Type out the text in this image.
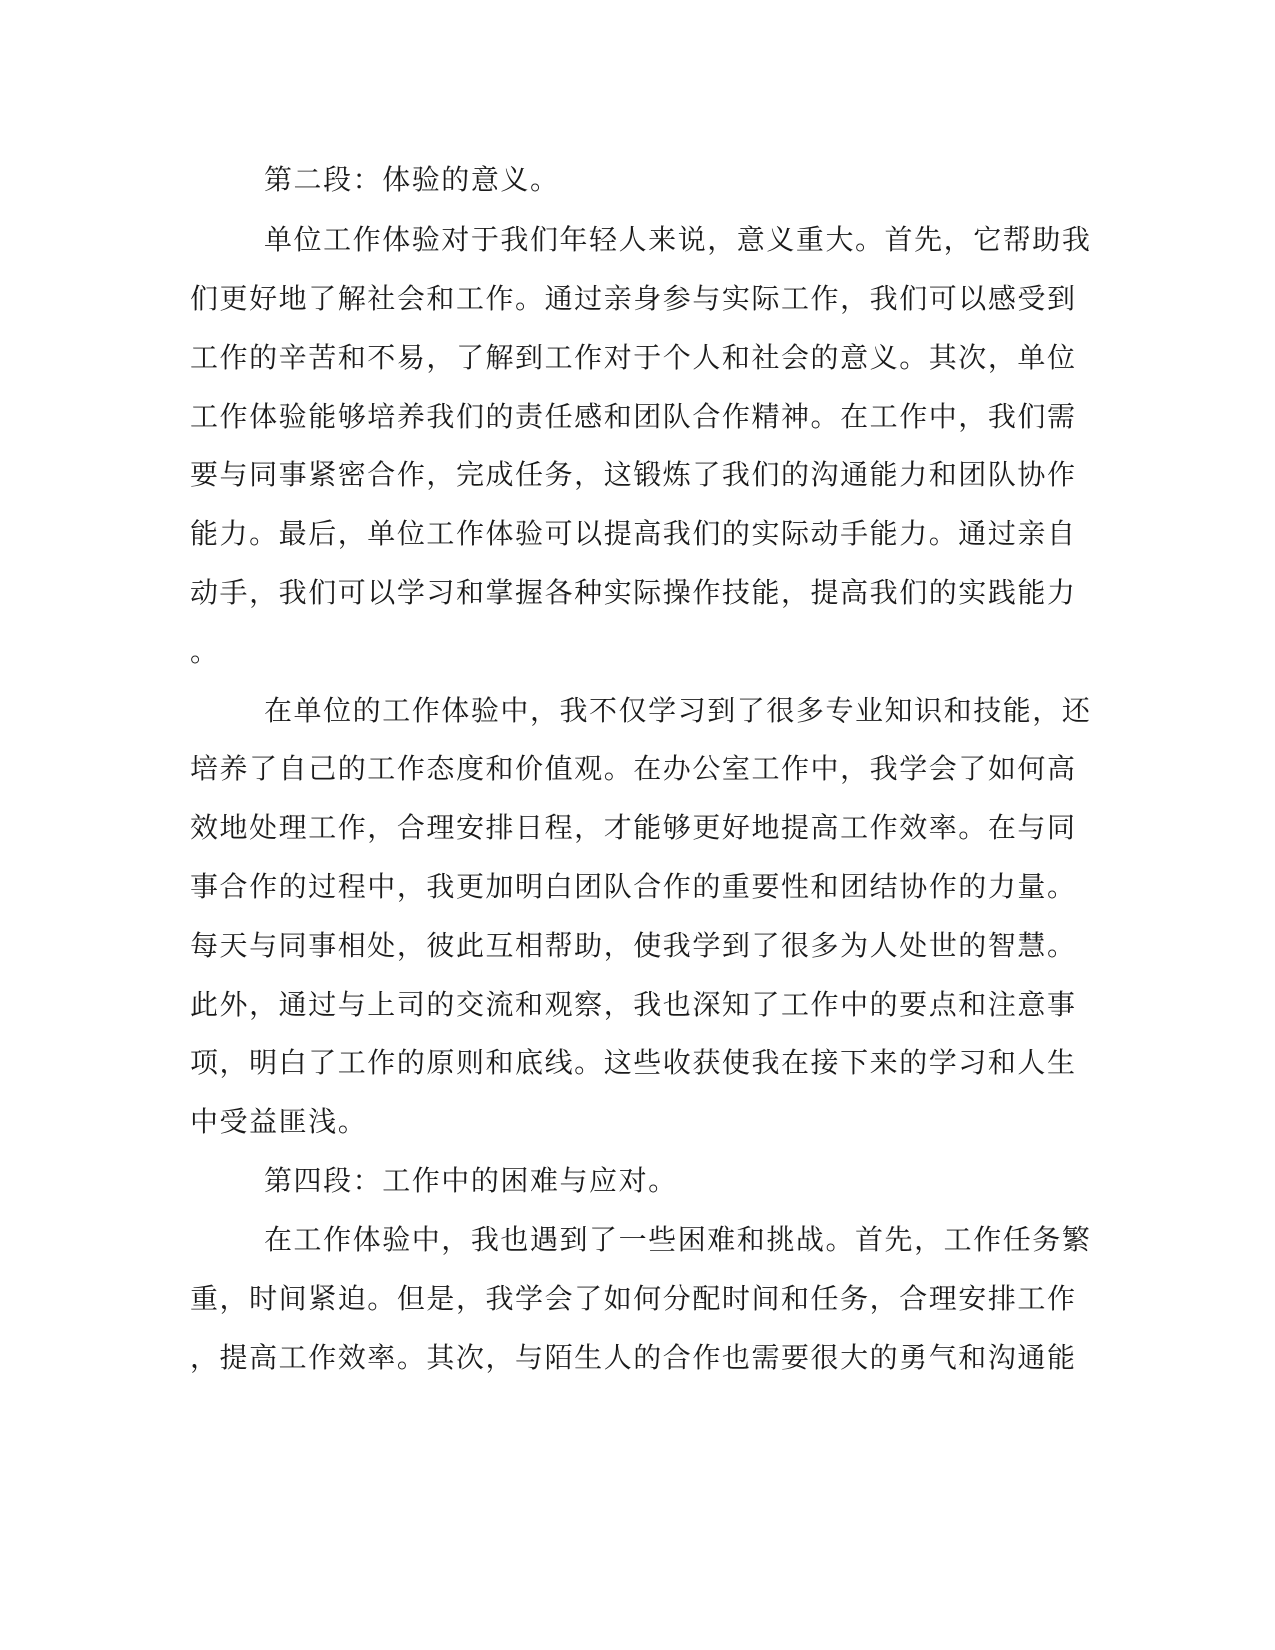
第二段：体验的意义。
单位工作体验对于我们年轻人来说，意义重大。首先，它帮助我
们更好地了解社会和工作。通过亲身参与实际工作，我们可以感受到
工作的辛苦和不易，了解到工作对于个人和社会的意义。其次，单位
工作体验能够培养我们的责任感和团队合作精神。在工作中，我们需
要与同事紧密合作，完成任务，这锻炼了我们的沟通能力和团队协作
能力。最后，单位工作体验可以提高我们的实际动手能力。通过亲自
动手，我们可以学习和掌握各种实际操作技能，提高我们的实践能力
。
在单位的工作体验中，我不仅学习到了很多专业知识和技能，还
培养了自己的工作态度和价值观。在办公室工作中，我学会了如何高
效地处理工作，合理安排日程，才能够更好地提高工作效率。在与同
事合作的过程中，我更加明白团队合作的重要性和团结协作的力量。
每天与同事相处，彼此互相帮助，使我学到了很多为人处世的智慧。
此外，通过与上司的交流和观察，我也深知了工作中的要点和注意事
项，明白了工作的原则和底线。这些收获使我在接下来的学习和人生
中受益匪浅。
第四段：工作中的困难与应对。
在工作体验中，我也遇到了一些困难和挑战。首先，工作任务繁
重，时间紧迫。但是，我学会了如何分配时间和任务，合理安排工作
，提高工作效率。其次，与陌生人的合作也需要很大的勇气和沟通能
